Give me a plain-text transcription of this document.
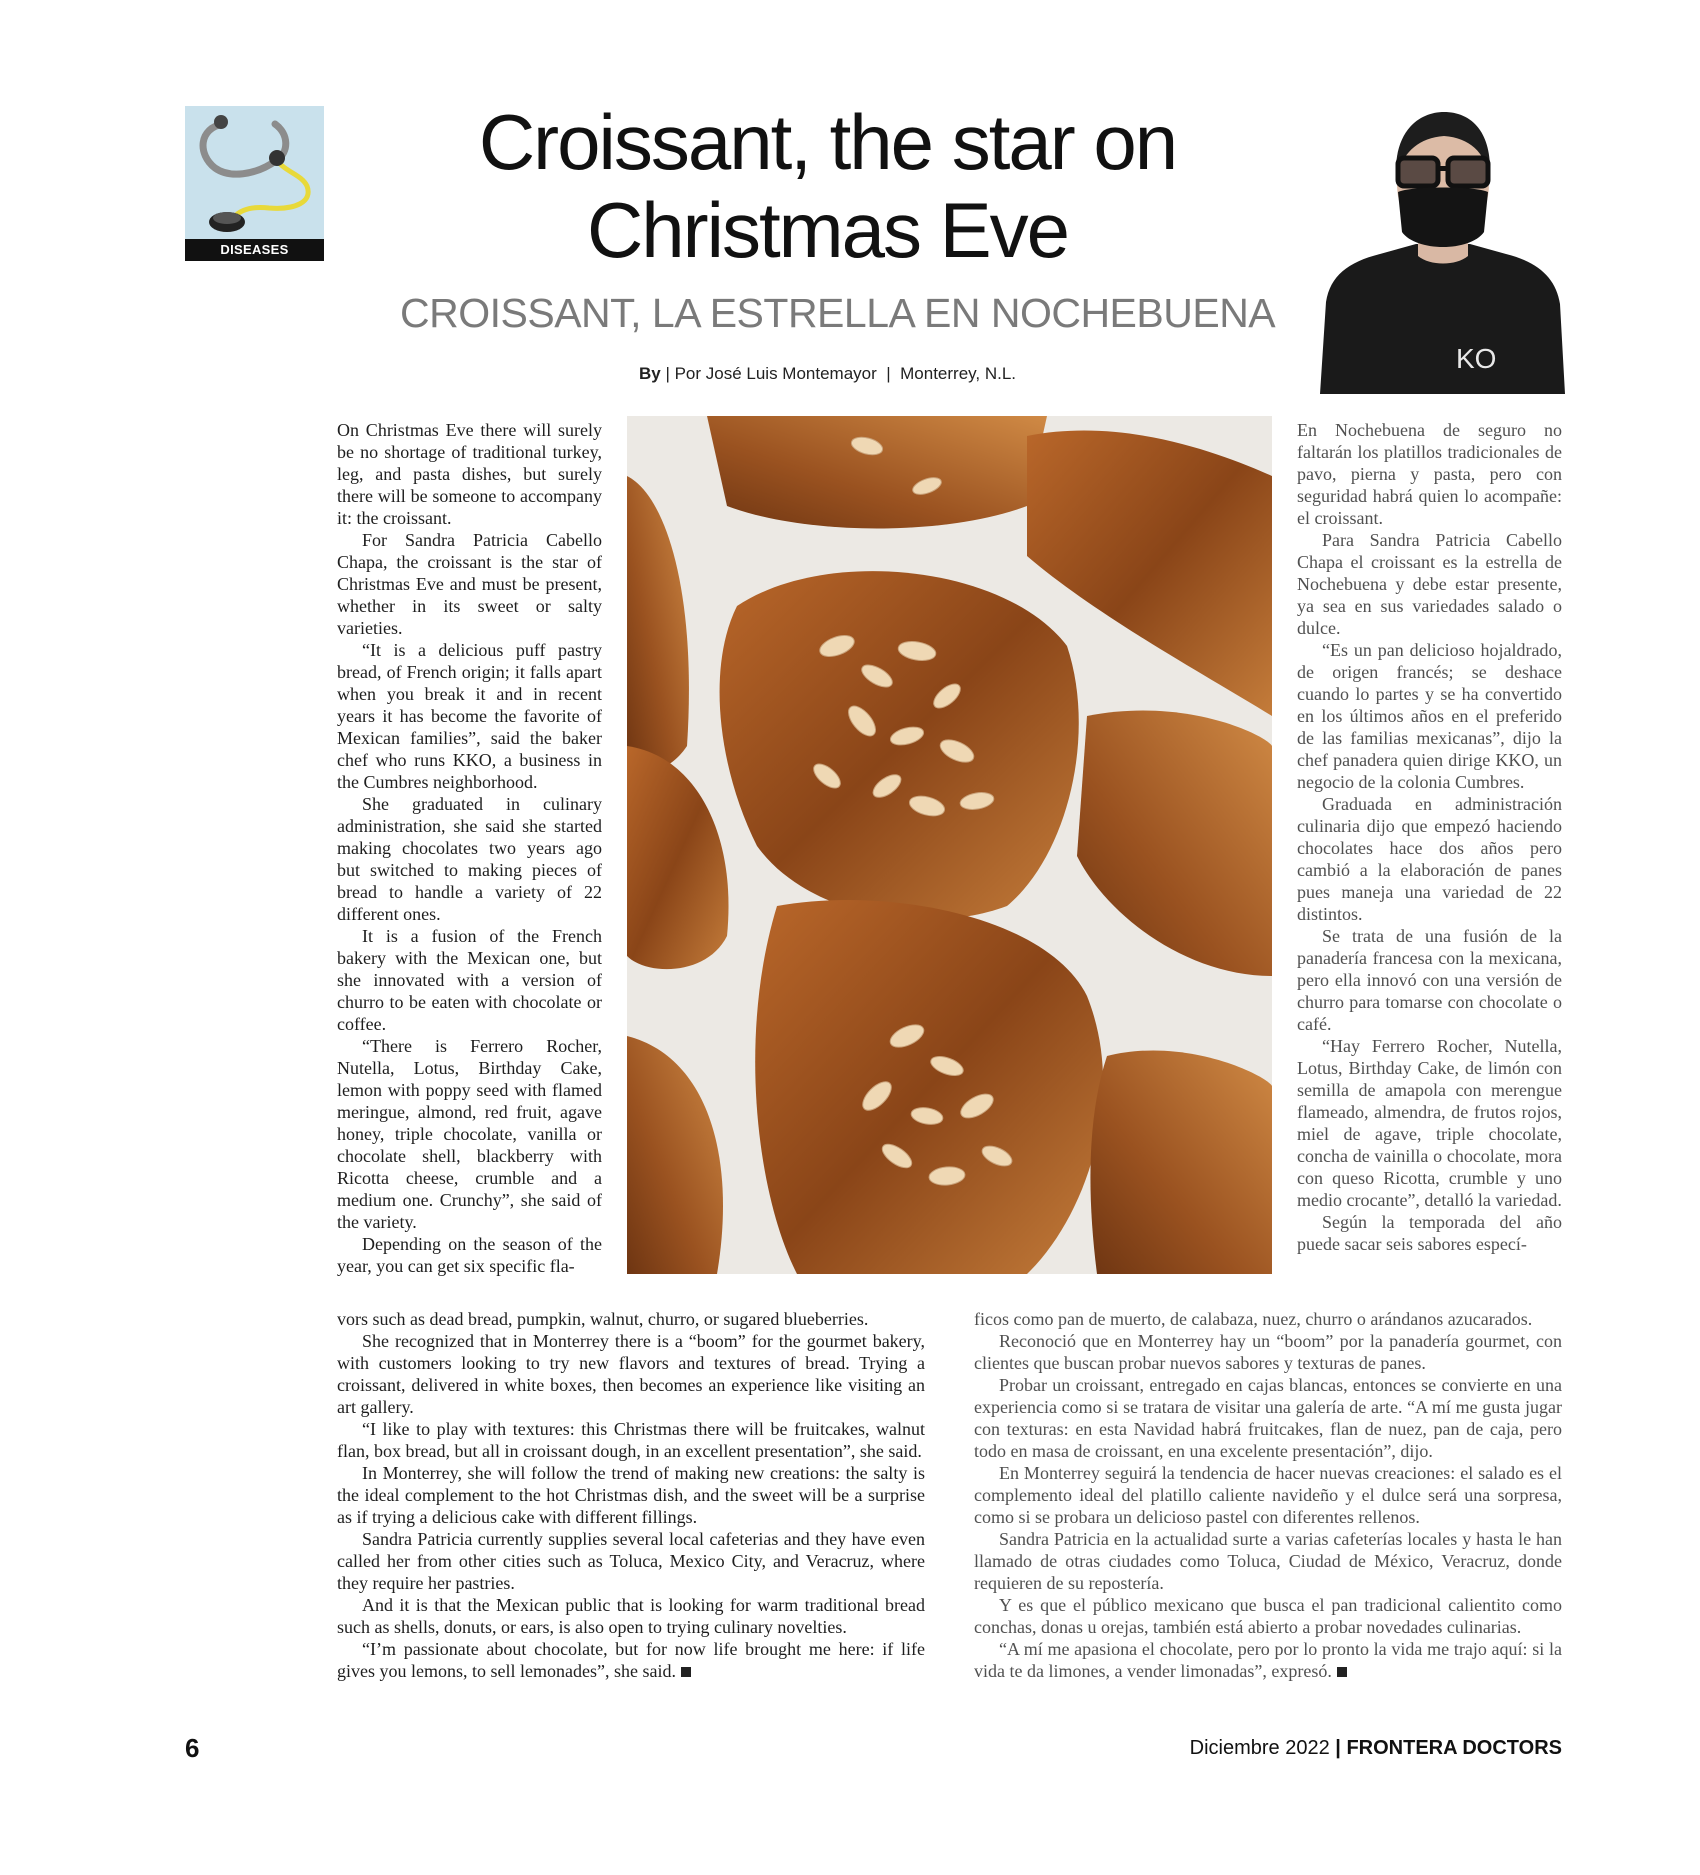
DISEASES
Croissant, the star on
Christmas Eve
CROISSANT, LA ESTRELLA EN NOCHEBUENA
By | Por José Luis Montemayor | Monterrey, N.L.	KO

On Christmas Eve there will surely be no shortage of traditional turkey, leg, and pasta dishes, but surely there will be someone to accompany it: the croissant.

For Sandra Patricia Cabello Chapa, the croissant is the star of Christmas Eve and must be present, whether in its sweet or salty varieties.

“It is a delicious puff pastry bread, of French origin; it falls apart when you break it and in recent years it has become the favorite of Mexican families”, said the baker chef who runs KKO, a business in the Cumbres neighborhood.

She graduated in culinary administration, she said she started making chocolates two years ago but switched to making pieces of bread to handle a variety of 22 different ones.

It is a fusion of the French bakery with the Mexican one, but she innovated with a version of churro to be eaten with chocolate or coffee.

“There is Ferrero Rocher, Nutella, Lotus, Birthday Cake, lemon with poppy seed with flamed meringue, almond, red fruit, agave honey, triple chocolate, vanilla or chocolate shell, blackberry with Ricotta cheese, crumble and a medium one. Crunchy”, she said of the variety.

Depending on the season of the year, you can get six specific fla-

En Nochebuena de seguro no faltarán los platillos tradicionales de pavo, pierna y pasta, pero con seguridad habrá quien lo acompañe: el croissant.

Para Sandra Patricia Cabello Chapa el croissant es la estrella de Nochebuena y debe estar presente, ya sea en sus variedades salado o dulce.

“Es un pan delicioso hojaldrado, de origen francés; se deshace cuando lo partes y se ha convertido en los últimos años en el preferido de las familias mexicanas”, dijo la chef panadera quien dirige KKO, un negocio de la colonia Cumbres.

Graduada en administración culinaria dijo que empezó haciendo chocolates hace dos años pero cambió a la elaboración de panes pues maneja una variedad de 22 distintos.

Se trata de una fusión de la panadería francesa con la mexicana, pero ella innovó con una versión de churro para tomarse con chocolate o café.

“Hay Ferrero Rocher, Nutella, Lotus, Birthday Cake, de limón con semilla de amapola con merengue flameado, almendra, de frutos rojos, miel de agave, triple chocolate, concha de vainilla o chocolate, mora con queso Ricotta, crumble y uno medio crocante”, detalló la variedad.

Según la temporada del año puede sacar seis sabores especí-

vors such as dead bread, pumpkin, walnut, churro, or sugared blueberries.

She recognized that in Monterrey there is a “boom” for the gourmet bakery, with customers looking to try new flavors and textures of bread. Trying a croissant, delivered in white boxes, then becomes an experience like visiting an art gallery.

“I like to play with textures: this Christmas there will be fruitcakes, walnut flan, box bread, but all in croissant dough, in an excellent presentation”, she said.

In Monterrey, she will follow the trend of making new creations: the salty is the ideal complement to the hot Christmas dish, and the sweet will be a surprise as if trying a delicious cake with different fillings.

Sandra Patricia currently supplies several local cafeterias and they have even called her from other cities such as Toluca, Mexico City, and Veracruz, where they require her pastries.

And it is that the Mexican public that is looking for warm traditional bread such as shells, donuts, or ears, is also open to trying culinary novelties.

“I’m passionate about chocolate, but for now life brought me here: if life gives you lemons, to sell lemonades”, she said.

ficos como pan de muerto, de calabaza, nuez, churro o arándanos azucarados.

Reconoció que en Monterrey hay un “boom” por la panadería gourmet, con clientes que buscan probar nuevos sabores y texturas de panes.

Probar un croissant, entregado en cajas blancas, entonces se convierte en una experiencia como si se tratara de visitar una galería de arte. “A mí me gusta jugar con texturas: en esta Navidad habrá fruitcakes, flan de nuez, pan de caja, pero todo en masa de croissant, en una excelente presentación”, dijo.

En Monterrey seguirá la tendencia de hacer nuevas creaciones: el salado es el complemento ideal del platillo caliente navideño y el dulce será una sorpresa, como si se probara un delicioso pastel con diferentes rellenos.

Sandra Patricia en la actualidad surte a varias cafeterías locales y hasta le han llamado de otras ciudades como Toluca, Ciudad de México, Veracruz, donde requieren de su repostería.

Y es que el público mexicano que busca el pan tradicional calientito como conchas, donas u orejas, también está abierto a probar novedades culinarias.

“A mí me apasiona el chocolate, pero por lo pronto la vida me trajo aquí: si la vida te da limones, a vender limonadas”, expresó.

6	Diciembre 2022 | FRONTERA DOCTORS
